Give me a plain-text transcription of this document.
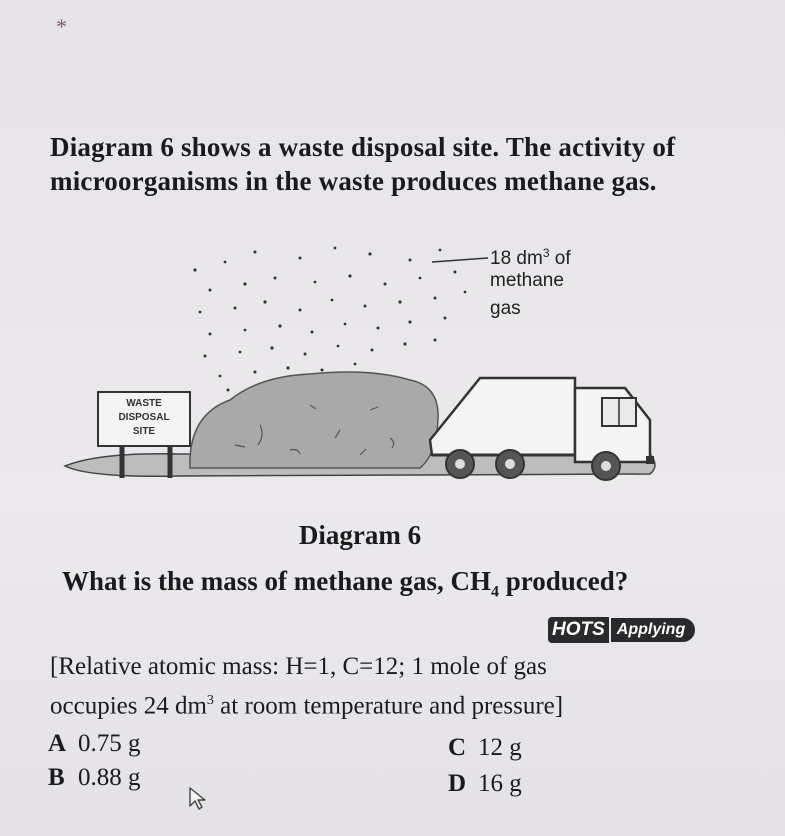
*
Diagram 6 shows a waste disposal site. The activity of
microorganisms in the waste produces methane gas.
18 $dm^3$ of
methane
gas
WASTE
DISPOSAL
SITE
Diagram 6
What is the mass of methane gas, $CH_4$ produced?
HOTS Applying
[Relative atomic mass: H=1, C=12; 1 mole of gas
occupies 24 $dm^3$ at room temperature and pressure]
A 0.75 g
B 0.88 g
C 12 g
D 16 g
